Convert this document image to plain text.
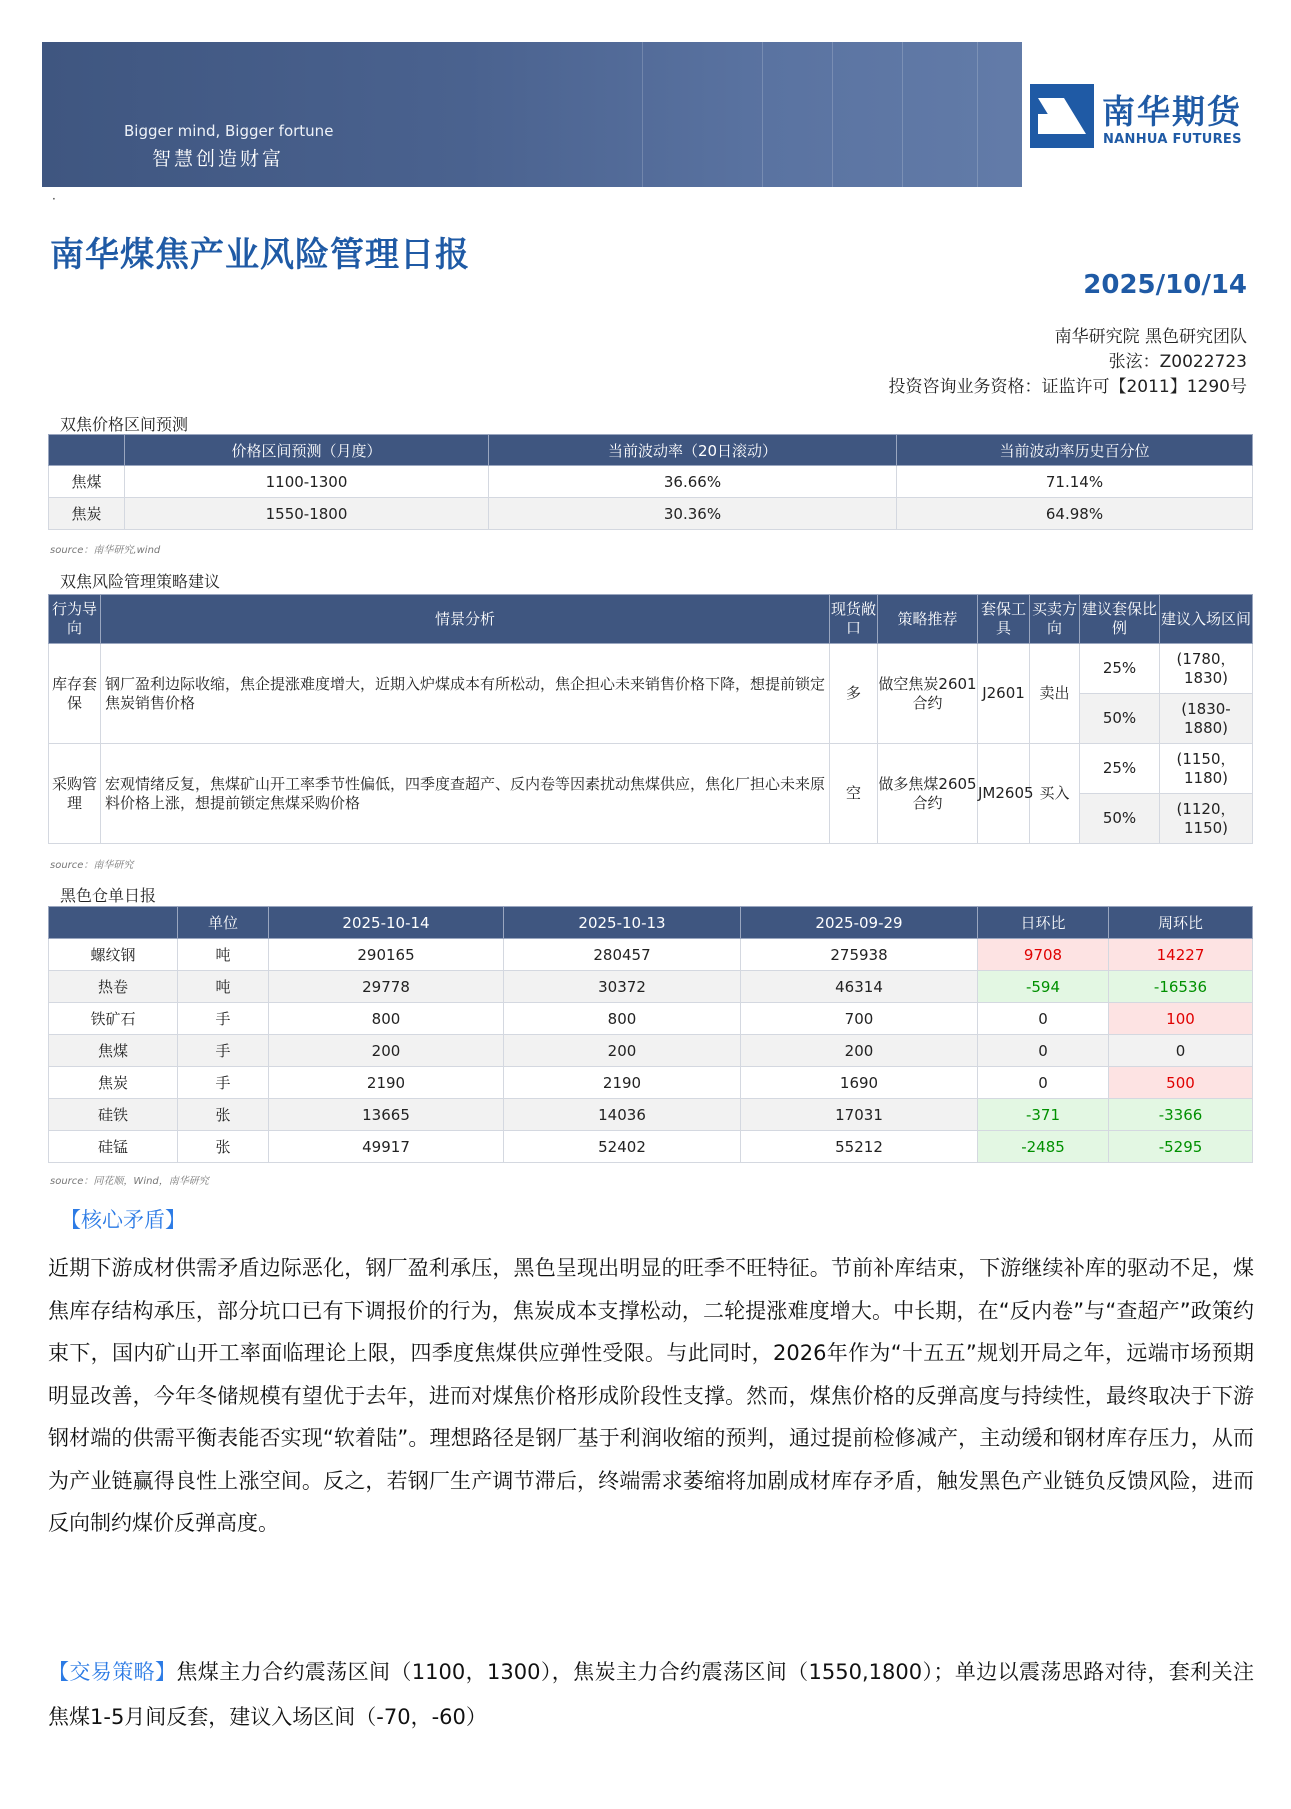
Bigger mind, Bigger fortune
智慧创造财富
南华期货
NANHUA FUTURES
·
南华煤焦产业风险管理日报
2025/10/14
南华研究院 黑色研究团队
张泫：Z0022723
投资咨询业务资格：证监许可【2011】1290号
双焦价格区间预测
	价格区间预测（月度）	当前波动率（20日滚动）	当前波动率历史百分位
焦煤	1100-1300	36.66%	71.14%
焦炭	1550-1800	30.36%	64.98%
source：南华研究,wind
双焦风险管理策略建议
行为导向	情景分析	现货敞口	策略推荐	套保工具	买卖方向	建议套保比例	建议入场区间
库存套保	钢厂盈利边际收缩，焦企提涨难度增大，近期入炉煤成本有所松动，焦企担心未来销售价格下降，想提前锁定焦炭销售价格	多	做空焦炭2601合约	J2601	卖出	25%	(1780，1830)
						50%	(1830-1880)
采购管理	宏观情绪反复，焦煤矿山开工率季节性偏低，四季度查超产、反内卷等因素扰动焦煤供应，焦化厂担心未来原料价格上涨，想提前锁定焦煤采购价格	空	做多焦煤2605合约	JM2605	买入	25%	(1150，1180)
						50%	(1120，1150)
source：南华研究
黑色仓单日报
	单位	2025-10-14	2025-10-13	2025-09-29	日环比	周环比
螺纹钢	吨	290165	280457	275938	9708	14227
热卷	吨	29778	30372	46314	-594	-16536
铁矿石	手	800	800	700	0	100
焦煤	手	200	200	200	0	0
焦炭	手	2190	2190	1690	0	500
硅铁	张	13665	14036	17031	-371	-3366
硅锰	张	49917	52402	55212	-2485	-5295
source：同花顺，Wind，南华研究
【核心矛盾】

近期下游成材供需矛盾边际恶化，钢厂盈利承压，黑色呈现出明显的旺季不旺特征。节前补库结束，下游继续补库的驱动不足，煤焦库存结构承压，部分坑口已有下调报价的行为，焦炭成本支撑松动，二轮提涨难度增大。中长期，在“反内卷”与“查超产”政策约束下，国内矿山开工率面临理论上限，四季度焦煤供应弹性受限。与此同时，2026年作为“十五五”规划开局之年，远端市场预期明显改善，今年冬储规模有望优于去年，进而对煤焦价格形成阶段性支撑。然而，煤焦价格的反弹高度与持续性，最终取决于下游钢材端的供需平衡表能否实现“软着陆”。理想路径是钢厂基于利润收缩的预判，通过提前检修减产，主动缓和钢材库存压力，从而为产业链赢得良性上涨空间。反之，若钢厂生产调节滞后，终端需求萎缩将加剧成材库存矛盾，触发黑色产业链负反馈风险，进而反向制约煤价反弹高度。

【交易策略】焦煤主力合约震荡区间（1100，1300），焦炭主力合约震荡区间（1550,1800）；单边以震荡思路对待，套利关注焦煤1-5月间反套，建议入场区间（-70，-60）
